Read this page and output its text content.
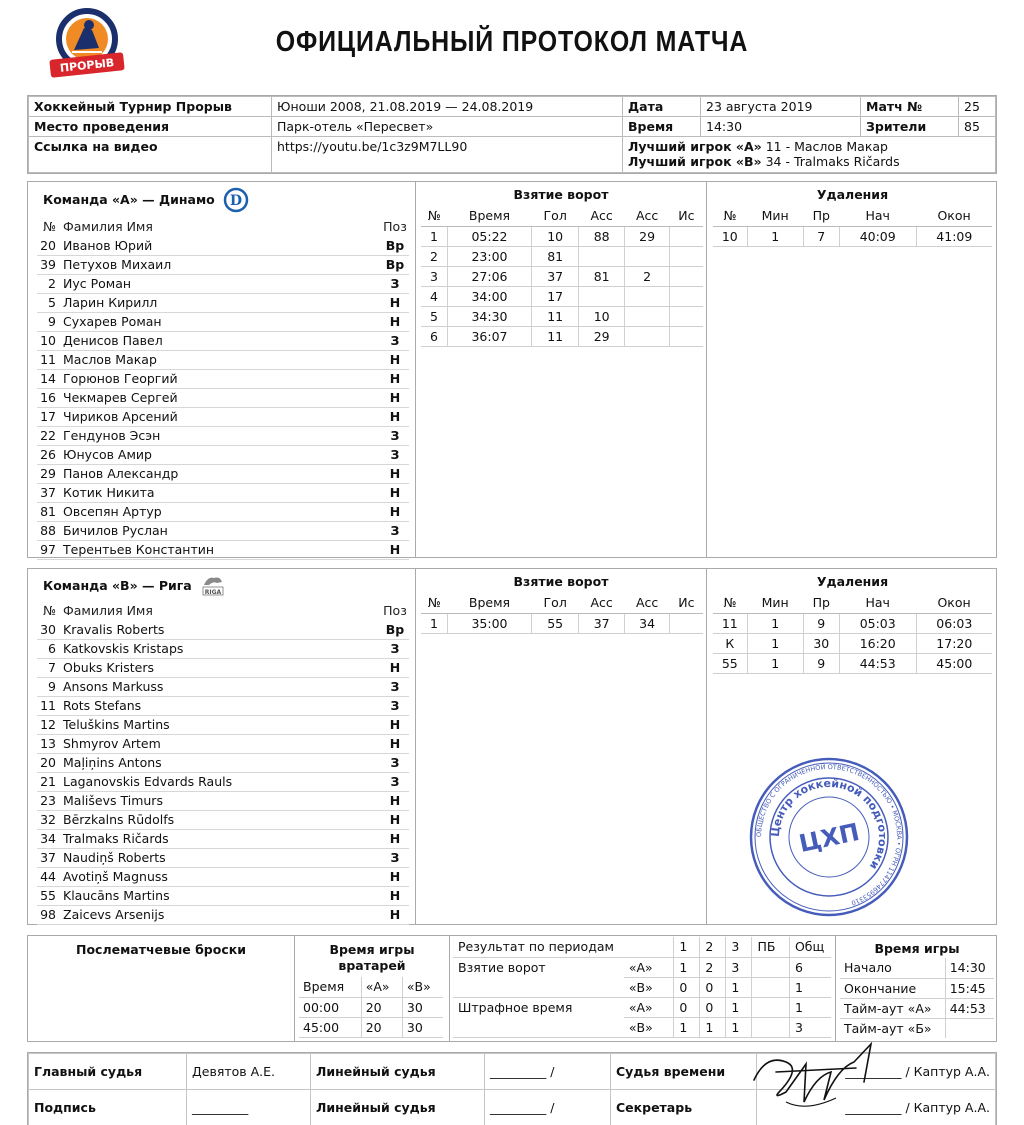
ПРОРЫВ
ОФИЦИАЛЬНЫЙ ПРОТОКОЛ МАТЧА
Хоккейный Турнир Прорыв	Юноши 2008, 21.08.2019 — 24.08.2019	Дата	23 августа 2019	Матч №	25
Место проведения	Парк-отель «Пересвет»	Время	14:30	Зрители	85
Ссылка на видео	https://youtu.be/1c3z9M7LL90	Лучший игрок «А» 11 - Маслов Макар
Лучший игрок «В» 34 - Tralmaks Ričards			
Команда «А» — Динамо D
№	Фамилия Имя	Поз
20	Иванов Юрий	Вр
39	Петухов Михаил	Вр
2	Иус Роман	З
5	Ларин Кирилл	Н
9	Сухарев Роман	Н
10	Денисов Павел	З
11	Маслов Макар	Н
14	Горюнов Георгий	Н
16	Чекмарев Сергей	Н
17	Чириков Арсений	Н
22	Гендунов Эсэн	З
26	Юнусов Амир	З
29	Панов Александр	Н
37	Котик Никита	Н
81	Овсепян Артур	Н
88	Бичилов Руслан	З
97	Терентьев Константин	Н
Взятие ворот
№	Время	Гол	Асс	Асс	Ис
1	05:22	10	88	29	
2	23:00	81			
3	27:06	37	81	2	
4	34:00	17			
5	34:30	11	10		
6	36:07	11	29		
Удаления
№	Мин	Пр	Нач	Окон
10	1	7	40:09	41:09
Команда «В» — Рига RIGA
№	Фамилия Имя	Поз
30	Kravalis Roberts	Вр
6	Katkovskis Kristaps	З
7	Obuks Kristers	Н
9	Ansons Markuss	З
11	Rots Stefans	З
12	Teluškins Martins	Н
13	Shmyrov Artem	Н
20	Maļiņins Antons	З
21	Laganovskis Edvards Rauls	З
23	Mališevs Timurs	Н
32	Bērzkalns Rūdolfs	Н
34	Tralmaks Ričards	Н
37	Naudiņš Roberts	З
44	Avotiņš Magnuss	Н
55	Klaucāns Martins	Н
98	Zaicevs Arsenijs	Н
Взятие ворот
№	Время	Гол	Асс	Асс	Ис
1	35:00	55	37	34	
Удаления
№	Мин	Пр	Нач	Окон
11	1	9	05:03	06:03
К	1	30	16:20	17:20
55	1	9	44:53	45:00
Послематчевые броски	Время игры вратарей
Время	«А»	«В»
00:00	20	30
45:00	20	30
Результат по периодам		1	2	3	ПБ	Общ
Взятие ворот	«А»	1	2	3		6
	«В»	0	0	1		1
Штрафное время	«А»	0	0	1		1
	«В»	1	1	1		3
Время игры
Начало	14:30
Окончание	15:45
Тайм-аут «А»	44:53
Тайм-аут «Б»	
Главный судья	Девятов А.Е.	Линейный судья	_________ /	Судья времени	_________ / Каптур А.А.
Подпись	_________	Линейный судья	_________ /	Секретарь	_________ / Каптур А.А.
ОБЩЕСТВО С ОГРАНИЧЕННОЙ ОТВЕТСТВЕННОСТЬЮ • МОСКВА • ОГРН 1147746953310
Центр хоккейной подготовки
ЦХП
